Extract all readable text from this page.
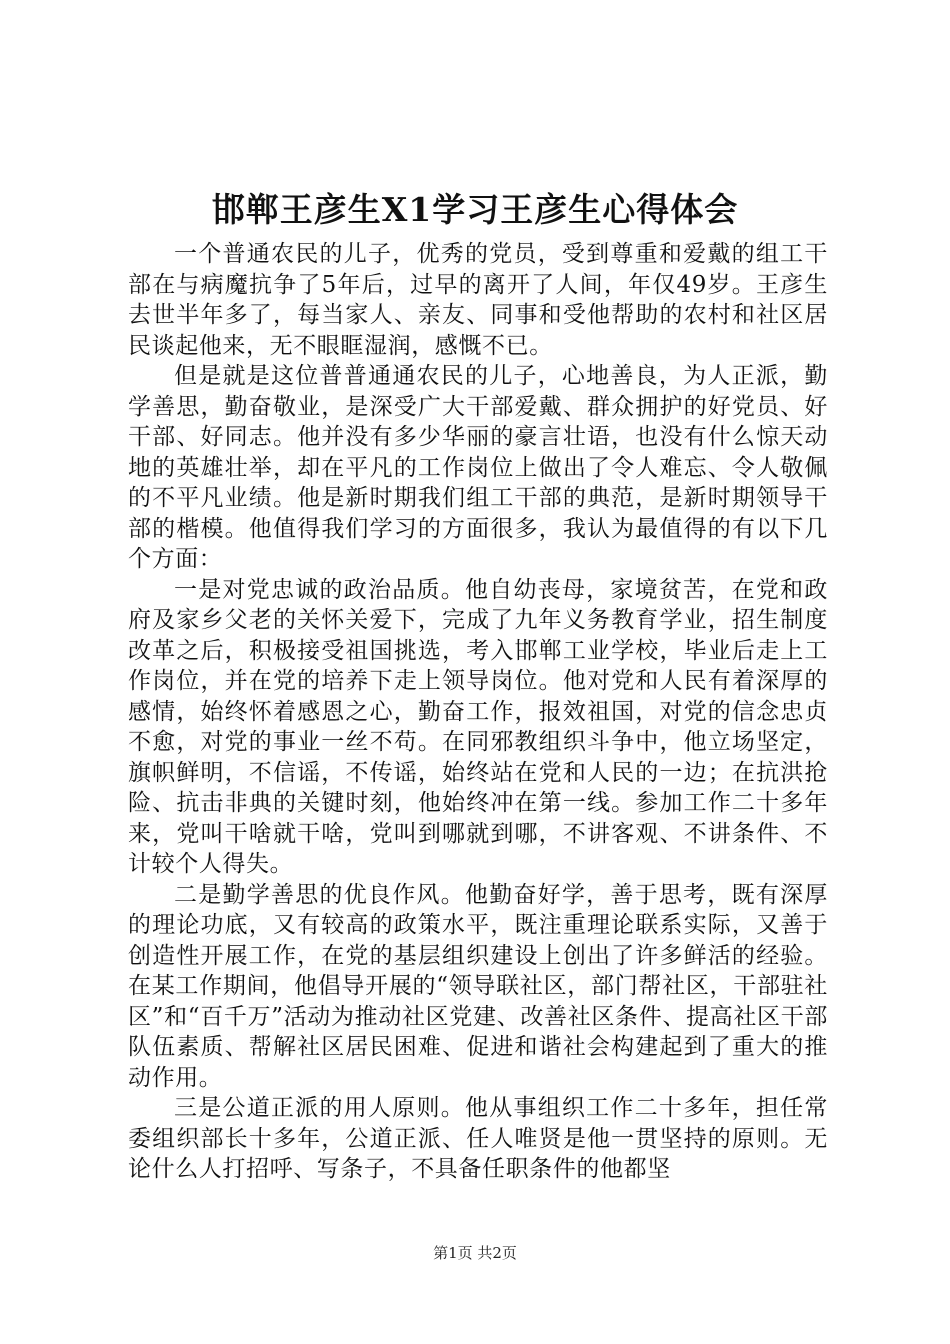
邯郸王彦生X1学习王彦生心得体会

一个普通农民的儿子，优秀的党员，受到尊重和爱戴的组工干部在与病魔抗争了5年后，过早的离开了人间，年仅49岁。王彦生去世半年多了，每当家人、亲友、同事和受他帮助的农村和社区居民谈起他来，无不眼眶湿润，感慨不已。

但是就是这位普普通通农民的儿子，心地善良，为人正派，勤学善思，勤奋敬业，是深受广大干部爱戴、群众拥护的好党员、好干部、好同志。他并没有多少华丽的豪言壮语，也没有什么惊天动地的英雄壮举，却在平凡的工作岗位上做出了令人难忘、令人敬佩的不平凡业绩。他是新时期我们组工干部的典范，是新时期领导干部的楷模。他值得我们学习的方面很多，我认为最值得的有以下几个方面：

一是对党忠诚的政治品质。他自幼丧母，家境贫苦，在党和政府及家乡父老的关怀关爱下，完成了九年义务教育学业，招生制度改革之后，积极接受祖国挑选，考入邯郸工业学校，毕业后走上工作岗位，并在党的培养下走上领导岗位。他对党和人民有着深厚的感情，始终怀着感恩之心，勤奋工作，报效祖国，对党的信念忠贞不愈，对党的事业一丝不苟。在同邪教组织斗争中，他立场坚定，旗帜鲜明，不信谣，不传谣，始终站在党和人民的一边；在抗洪抢险、抗击非典的关键时刻，他始终冲在第一线。参加工作二十多年来，党叫干啥就干啥，党叫到哪就到哪，不讲客观、不讲条件、不计较个人得失。

二是勤学善思的优良作风。他勤奋好学，善于思考，既有深厚的理论功底，又有较高的政策水平，既注重理论联系实际，又善于创造性开展工作，在党的基层组织建设上创出了许多鲜活的经验。在某工作期间，他倡导开展的“领导联社区，部门帮社区，干部驻社区”和“百千万”活动为推动社区党建、改善社区条件、提高社区干部队伍素质、帮解社区居民困难、促进和谐社会构建起到了重大的推动作用。

三是公道正派的用人原则。他从事组织工作二十多年，担任常委组织部长十多年，公道正派、任人唯贤是他一贯坚持的原则。无论什么人打招呼、写条子，不具备任职条件的他都坚

第1页 共2页
